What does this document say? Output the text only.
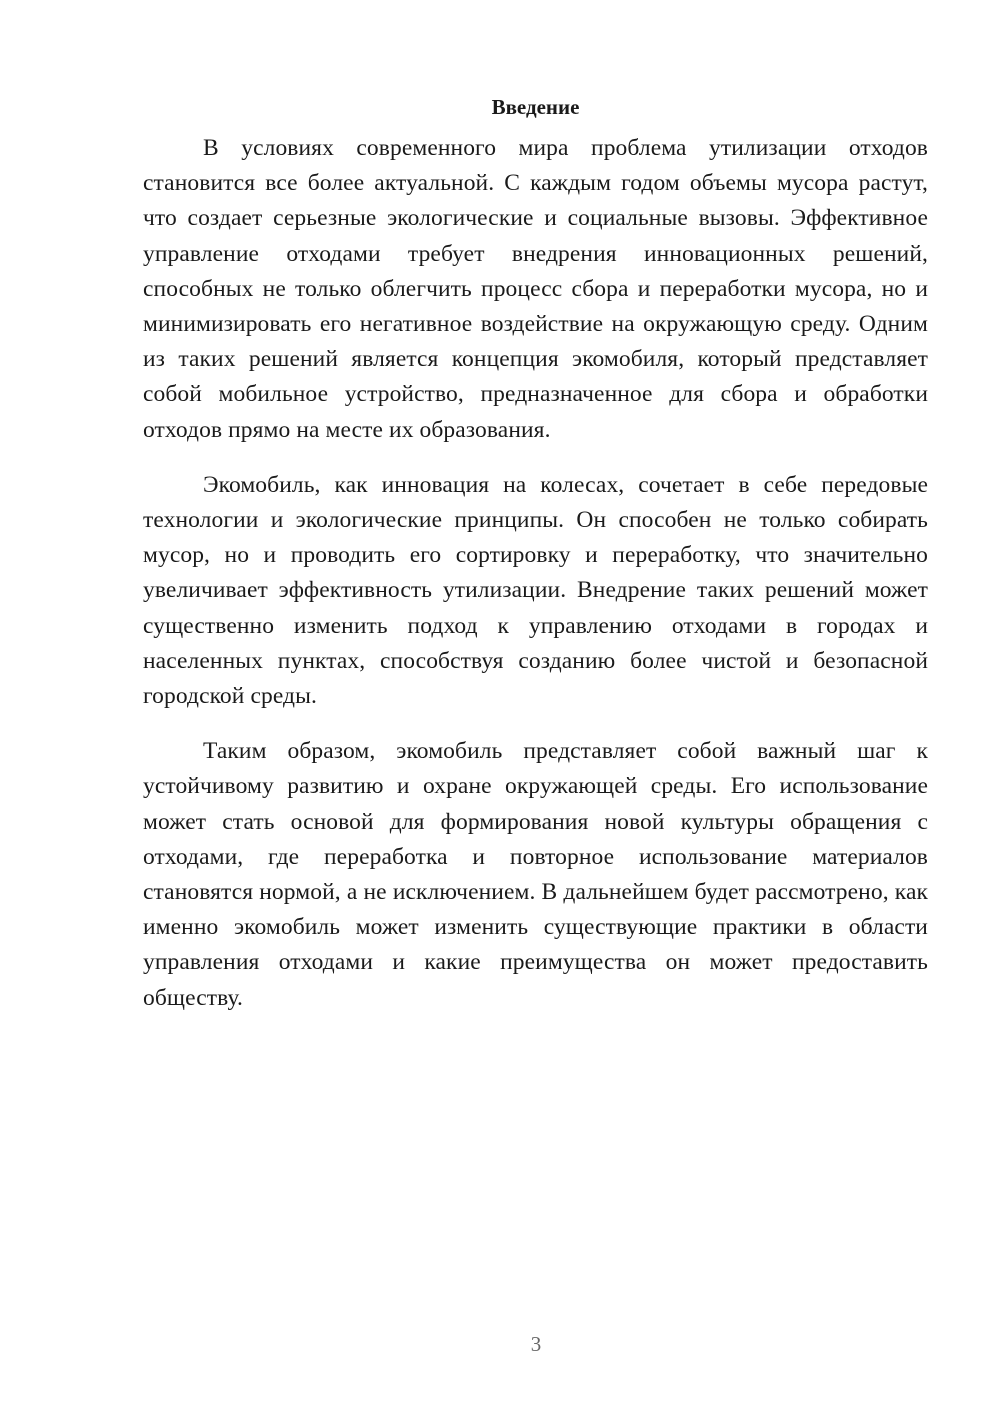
Введение

В условиях современного мира проблема утилизации отходов становится все более актуальной. С каждым годом объемы мусора растут, что создает серьезные экологические и социальные вызовы. Эффективное управление отходами требует внедрения инновационных решений, способных не только облегчить процесс сбора и переработки мусора, но и минимизировать его негативное воздействие на окружающую среду. Одним из таких решений является концепция экомобиля, который представляет собой мобильное устройство, предназначенное для сбора и обработки отходов прямо на месте их образования.

Экомобиль, как инновация на колесах, сочетает в себе передовые технологии и экологические принципы. Он способен не только собирать мусор, но и проводить его сортировку и переработку, что значительно увеличивает эффективность утилизации. Внедрение таких решений может существенно изменить подход к управлению отходами в городах и населенных пунктах, способствуя созданию более чистой и безопасной городской среды.

Таким образом, экомобиль представляет собой важный шаг к устойчивому развитию и охране окружающей среды. Его использование может стать основой для формирования новой культуры обращения с отходами, где переработка и повторное использование материалов становятся нормой, а не исключением. В дальнейшем будет рассмотрено, как именно экомобиль может изменить существующие практики в области управления отходами и какие преимущества он может предоставить обществу.

3
